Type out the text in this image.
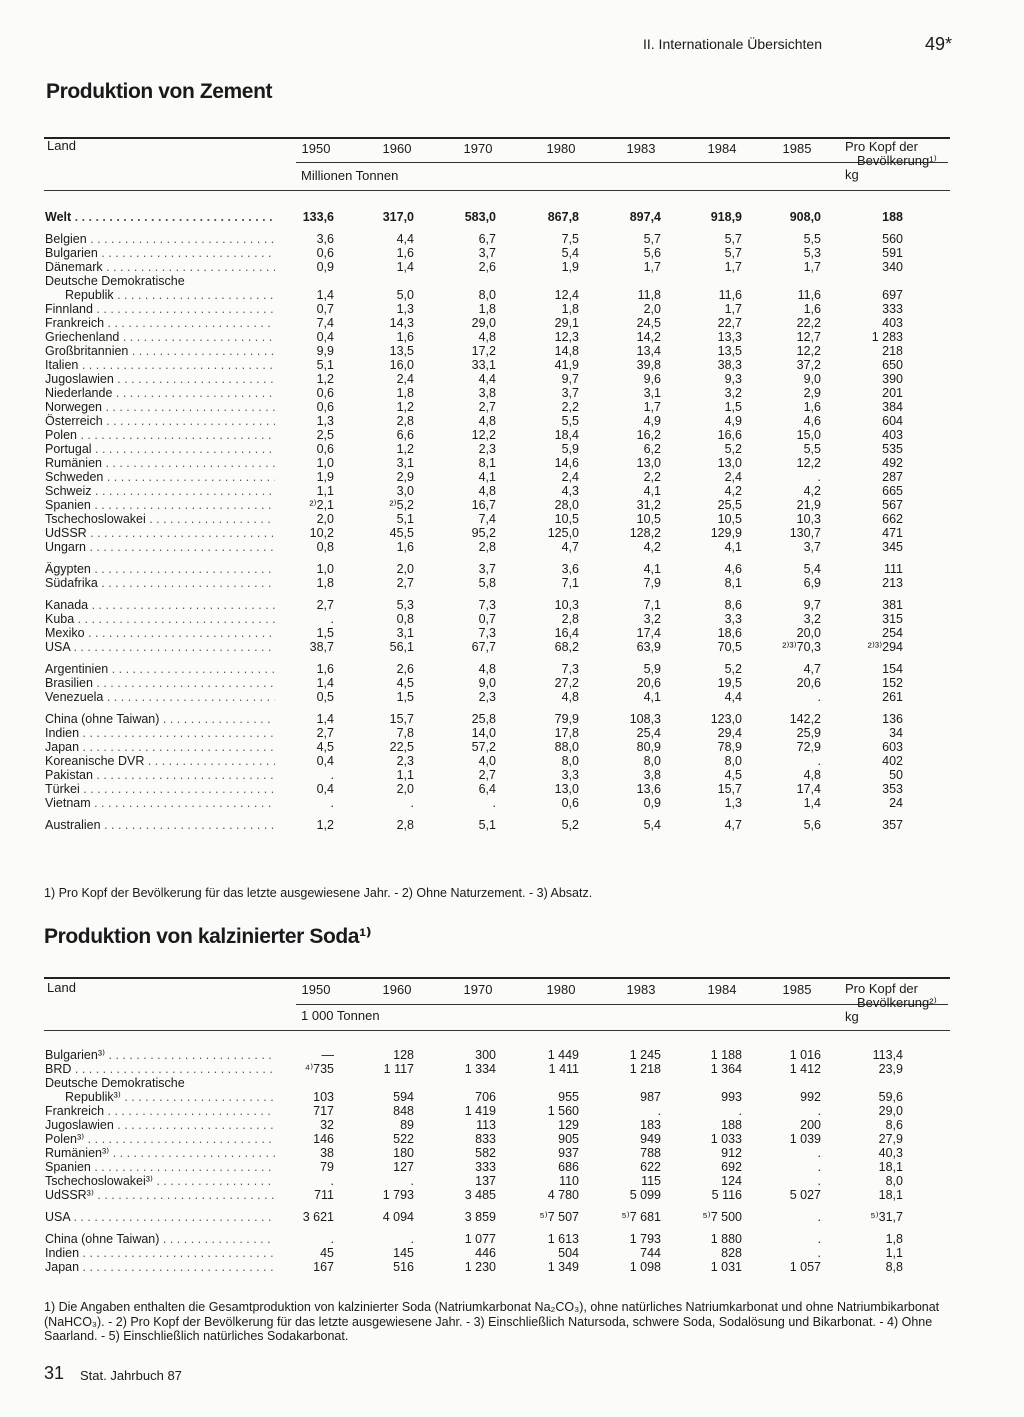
II. Internationale Übersichten	49*
Produktion von Zement
Land	1950	1960	1970	1980	1983	1984	1985
Millionen Tonnen
Pro Kopf der
Bevölkerung¹⁾
kg
Welt . . .	133,6	317,0	583,0	867,8	897,4	918,9	908,0	188
Belgien . . .	3,6	4,4	6,7	7,5	5,7	5,7	5,5	560
Bulgarien . . .	0,6	1,6	3,7	5,4	5,6	5,7	5,3	591
Dänemark . . .	0,9	1,4	2,6	1,9	1,7	1,7	1,7	340
Deutsche Demokratische
Republik . . .	1,4	5,0	8,0	12,4	11,8	11,6	11,6	697
Finnland . . .	0,7	1,3	1,8	1,8	2,0	1,7	1,6	333
Frankreich . . .	7,4	14,3	29,0	29,1	24,5	22,7	22,2	403
Griechenland . . .	0,4	1,6	4,8	12,3	14,2	13,3	12,7	1 283
Großbritannien . . .	9,9	13,5	17,2	14,8	13,4	13,5	12,2	218
Italien . . .	5,1	16,0	33,1	41,9	39,8	38,3	37,2	650
Jugoslawien . . .	1,2	2,4	4,4	9,7	9,6	9,3	9,0	390
Niederlande . . .	0,6	1,8	3,8	3,7	3,1	3,2	2,9	201
Norwegen . . .	0,6	1,2	2,7	2,2	1,7	1,5	1,6	384
Österreich . . .	1,3	2,8	4,8	5,5	4,9	4,9	4,6	604
Polen . . .	2,5	6,6	12,2	18,4	16,2	16,6	15,0	403
Portugal . . .	0,6	1,2	2,3	5,9	6,2	5,2	5,5	535
Rumänien . . .	1,0	3,1	8,1	14,6	13,0	13,0	12,2	492
Schweden . . .	1,9	2,9	4,1	2,4	2,2	2,4	.	287
Schweiz . . .	1,1	3,0	4,8	4,3	4,1	4,2	4,2	665
Spanien . . .	²⁾2,1	²⁾5,2	16,7	28,0	31,2	25,5	21,9	567
Tschechoslowakei . . .	2,0	5,1	7,4	10,5	10,5	10,5	10,3	662
UdSSR . . .	10,2	45,5	95,2	125,0	128,2	129,9	130,7	471
Ungarn . . .	0,8	1,6	2,8	4,7	4,2	4,1	3,7	345
Ägypten . . .	1,0	2,0	3,7	3,6	4,1	4,6	5,4	111
Südafrika . . .	1,8	2,7	5,8	7,1	7,9	8,1	6,9	213
Kanada . . .	2,7	5,3	7,3	10,3	7,1	8,6	9,7	381
Kuba . . .	.	0,8	0,7	2,8	3,2	3,3	3,2	315
Mexiko . . .	1,5	3,1	7,3	16,4	17,4	18,6	20,0	254
USA . . .	38,7	56,1	67,7	68,2	63,9	70,5	²⁾³⁾70,3	²⁾³⁾294
Argentinien . . .	1,6	2,6	4,8	7,3	5,9	5,2	4,7	154
Brasilien . . .	1,4	4,5	9,0	27,2	20,6	19,5	20,6	152
Venezuela . . .	0,5	1,5	2,3	4,8	4,1	4,4	.	261
China (ohne Taiwan) . . .	1,4	15,7	25,8	79,9	108,3	123,0	142,2	136
Indien . . .	2,7	7,8	14,0	17,8	25,4	29,4	25,9	34
Japan . . .	4,5	22,5	57,2	88,0	80,9	78,9	72,9	603
Koreanische DVR . . .	0,4	2,3	4,0	8,0	8,0	8,0	.	402
Pakistan . . .	.	1,1	2,7	3,3	3,8	4,5	4,8	50
Türkei . . .	0,4	2,0	6,4	13,0	13,6	15,7	17,4	353
Vietnam . . .	.	.	.	0,6	0,9	1,3	1,4	24
Australien . . .	1,2	2,8	5,1	5,2	5,4	4,7	5,6	357
1) Pro Kopf der Bevölkerung für das letzte ausgewiesene Jahr. - 2) Ohne Naturzement. - 3) Absatz.
Produktion von kalzinierter Soda¹⁾
Land	1950	1960	1970	1980	1983	1984	1985
1 000 Tonnen
Pro Kopf der
Bevölkerung²⁾
kg
Bulgarien³⁾ . . .	—	128	300	1 449	1 245	1 188	1 016	113,4
BRD . . .	⁴⁾735	1 117	1 334	1 411	1 218	1 364	1 412	23,9
Deutsche Demokratische
Republik³⁾ . . .	103	594	706	955	987	993	992	59,6
Frankreich . . .	717	848	1 419	1 560	.	.	.	29,0
Jugoslawien . . .	32	89	113	129	183	188	200	8,6
Polen³⁾ . . .	146	522	833	905	949	1 033	1 039	27,9
Rumänien³⁾ . . .	38	180	582	937	788	912	.	40,3
Spanien . . .	79	127	333	686	622	692	.	18,1
Tschechoslowakei³⁾ . . .	.	.	137	110	115	124	.	8,0
UdSSR³⁾ . . .	711	1 793	3 485	4 780	5 099	5 116	5 027	18,1
USA . . .	3 621	4 094	3 859	⁵⁾7 507	⁵⁾7 681	⁵⁾7 500	.	⁵⁾31,7
China (ohne Taiwan) . . .	.	.	1 077	1 613	1 793	1 880	.	1,8
Indien . . .	45	145	446	504	744	828	.	1,1
Japan . . .	167	516	1 230	1 349	1 098	1 031	1 057	8,8
1) Die Angaben enthalten die Gesamtproduktion von kalzinierter Soda (Natriumkarbonat Na₂CO₃), ohne natürliches Natriumkarbonat und ohne Natriumbikarbonat (NaHCO₃). - 2) Pro Kopf der Bevölkerung für das letzte ausgewiesene Jahr. - 3) Einschließlich Natursoda, schwere Soda, Sodalösung und Bikarbonat. - 4) Ohne Saarland. - 5) Einschließlich natürliches Sodakarbonat.
31 Stat. Jahrbuch 87
